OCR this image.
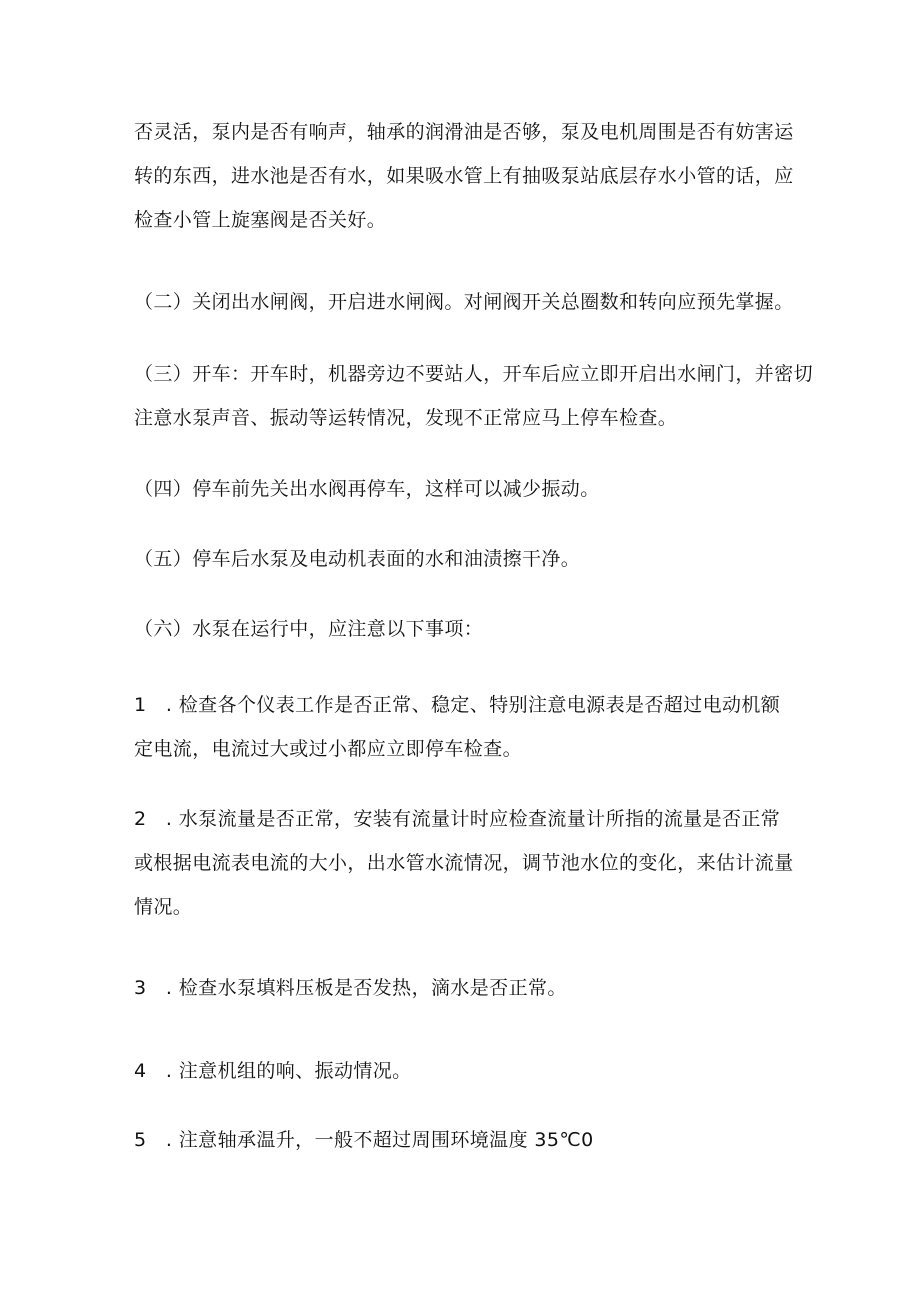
否灵活，泵内是否有响声，轴承的润滑油是否够，泵及电机周围是否有妨害运
转的东西，进水池是否有水，如果吸水管上有抽吸泵站底层存水小管的话，应
检查小管上旋塞阀是否关好。

（二）关闭出水闸阀，开启进水闸阀。对闸阀开关总圈数和转向应预先掌握。

（三）开车：开车时，机器旁边不要站人，开车后应立即开启出水闸门，并密切
注意水泵声音、振动等运转情况，发现不正常应马上停车检查。

（四）停车前先关出水阀再停车，这样可以减少振动。

（五）停车后水泵及电动机表面的水和油渍擦干净。

（六）水泵在运行中，应注意以下事项：

1　. 检查各个仪表工作是否正常、稳定、特别注意电源表是否超过电动机额
定电流，电流过大或过小都应立即停车检查。

2　. 水泵流量是否正常，安装有流量计时应检查流量计所指的流量是否正常
或根据电流表电流的大小，出水管水流情况，调节池水位的变化，来估计流量
情况。

3　. 检查水泵填料压板是否发热，滴水是否正常。

4　. 注意机组的响、振动情况。

5　. 注意轴承温升，一般不超过周围环境温度 35℃0
